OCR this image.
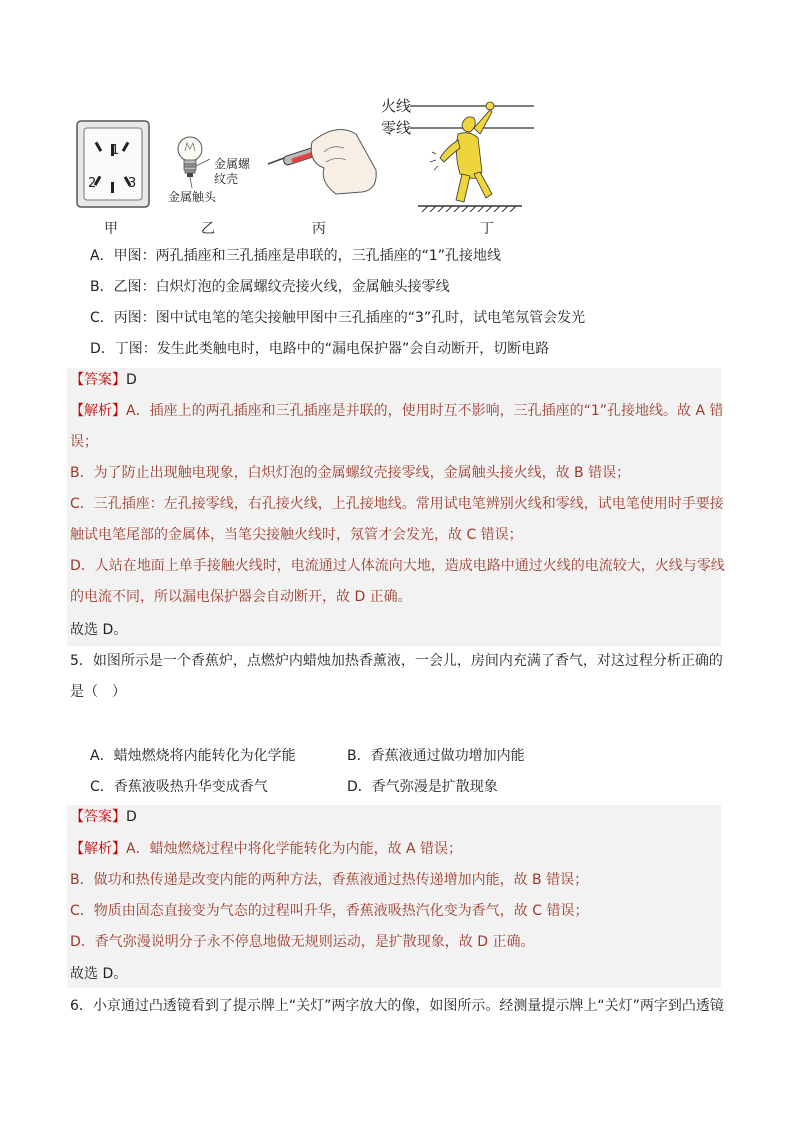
1
2 3
金属螺纹壳
金属触头
火线
零线
甲	乙	丙	丁
A．甲图：两孔插座和三孔插座是串联的，三孔插座的“1”孔接地线
B．乙图：白炽灯泡的金属螺纹壳接火线，金属触头接零线
C．丙图：图中试电笔的笔尖接触甲图中三孔插座的“3”孔时，试电笔氖管会发光
D．丁图：发生此类触电时，电路中的“漏电保护器”会自动断开，切断电路
【答案】D
【解析】A．插座上的两孔插座和三孔插座是并联的，使用时互不影响，三孔插座的“1”孔接地线。故 A 错
误；
B．为了防止出现触电现象，白炽灯泡的金属螺纹壳接零线，金属触头接火线，故 B 错误；
C．三孔插座：左孔接零线，右孔接火线，上孔接地线。常用试电笔辨别火线和零线，试电笔使用时手要接
触试电笔尾部的金属体，当笔尖接触火线时，氖管才会发光，故 C 错误；
D．人站在地面上单手接触火线时，电流通过人体流向大地，造成电路中通过火线的电流较大，火线与零线
的电流不同，所以漏电保护器会自动断开，故 D 正确。
故选 D。
5．如图所示是一个香蕉炉，点燃炉内蜡烛加热香薰液，一会儿，房间内充满了香气，对这过程分析正确的
是（　）
A．蜡烛燃烧将内能转化为化学能	B．香蕉液通过做功增加内能
C．香蕉液吸热升华变成香气	D．香气弥漫是扩散现象
【答案】D
【解析】A．蜡烛燃烧过程中将化学能转化为内能，故 A 错误；
B．做功和热传递是改变内能的两种方法，香蕉液通过热传递增加内能，故 B 错误；
C．物质由固态直接变为气态的过程叫升华，香蕉液吸热汽化变为香气，故 C 错误；
D．香气弥漫说明分子永不停息地做无规则运动，是扩散现象，故 D 正确。
故选 D。
6．小京通过凸透镜看到了提示牌上“关灯”两字放大的像，如图所示。经测量提示牌上“关灯”两字到凸透镜
